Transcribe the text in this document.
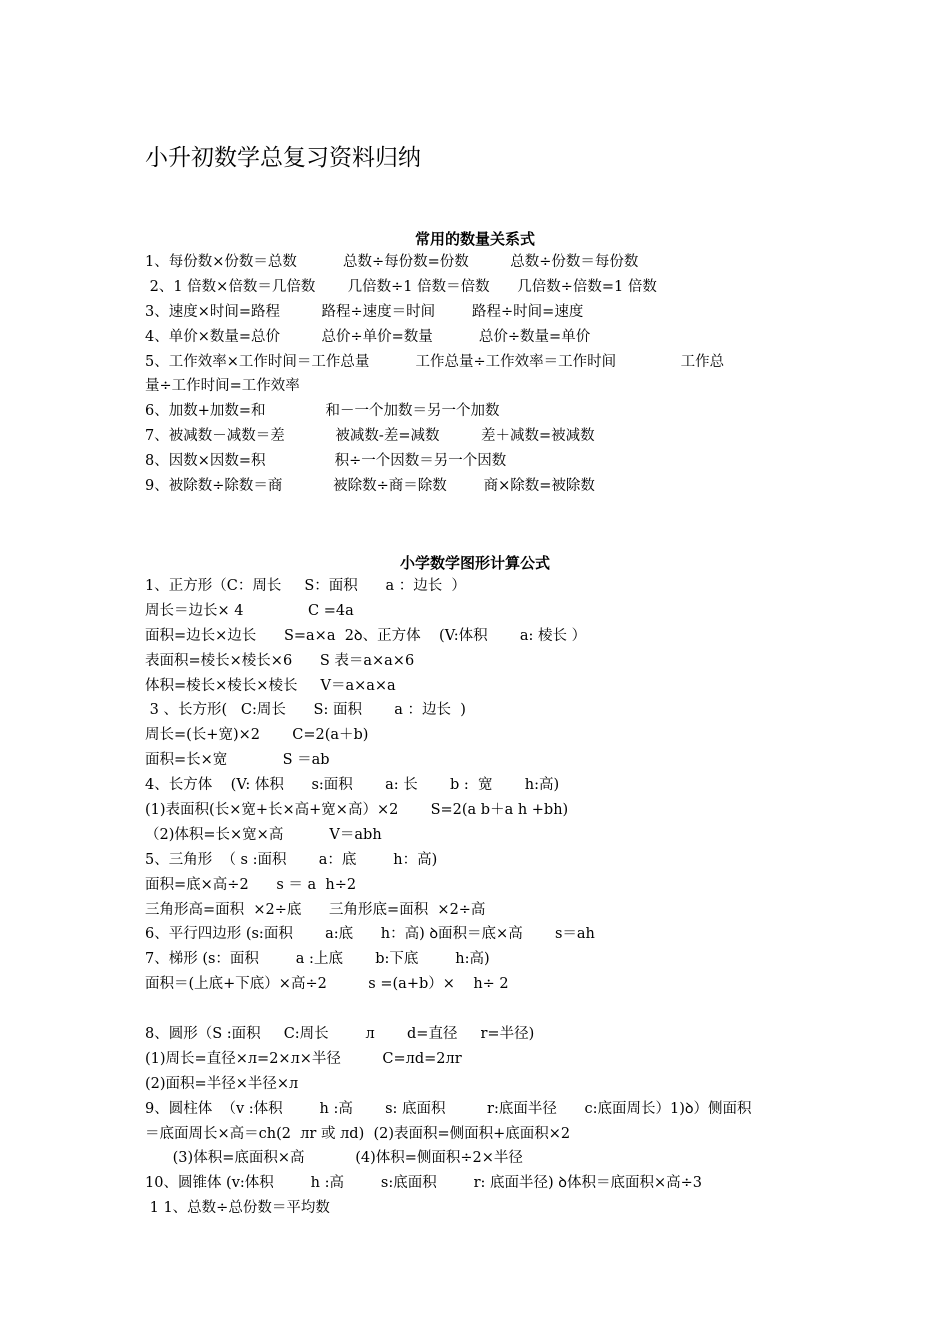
小升初数学总复习资料归纳
常用的数量关系式
1、每份数×份数＝总数          总数÷每份数=份数         总数÷份数＝每份数
2、1 倍数×倍数＝几倍数       几倍数÷1 倍数＝倍数      几倍数÷倍数=1 倍数
3、速度×时间=路程         路程÷速度＝时间        路程÷时间=速度
4、单价×数量=总价         总价÷单价=数量          总价÷数量=单价
5、工作效率×工作时间＝工作总量          工作总量÷工作效率＝工作时间              工作总
量÷工作时间=工作效率
6、加数+加数=和             和－一个加数＝另一个加数
7、被减数－减数＝差           被减数-差=减数         差＋减数=被减数
8、因数×因数=积               积÷一个因数＝另一个因数
9、被除数÷除数＝商           被除数÷商＝除数        商×除数=被除数
小学数学图形计算公式
1、正方形（C：周长     S：面积      a ：边长  ）
周长＝边长× 4              C =4a
面积=边长×边长      S=a×a  2ꝺ、正方体    (V:体积       a: 棱长 ）
表面积=棱长×棱长×6      S 表＝a×a×6
体积=棱长×棱长×棱长     V＝a×a×a
3 、长方形(   C:周长      S: 面积       a ：边长  )
周长=(长+宽)×2       C=2(a＋b)
面积=长×宽            S ＝ab
4、长方体    (V: 体积      s:面积       a: 长       b :  宽       h:高)
(1)表面积(长×宽+长×高+宽×高）×2       S=2(a b＋a h +bh)
（2)体积=长×宽×高          V＝abh
5、三角形  （ s :面积       a：底        h：高)
面积=底×高÷2      s ＝ a  h÷2
三角形高=面积  ×2÷底      三角形底=面积  ×2÷高
6、平行四边形 (s:面积       a:底      h：高) ꝺ面积＝底×高       s＝ah
7、梯形 (s：面积        a :上底       b:下底        h:高)
面积＝(上底+下底）×高÷2         s =(a+b）×    h÷ 2
8、圆形（S :面积     C:周长        л       d=直径     r=半径)
(1)周长=直径×л=2×л×半径         C=лd=2лr
(2)面积=半径×半径×л
9、圆柱体  （v :体积        h :高       s: 底面积         r:底面半径      c:底面周长）1)ꝺ）侧面积
＝底面周长×高＝ch(2  лr 或 лd)  (2)表面积=侧面积+底面积×2
(3)体积=底面积×高           (4)体积=侧面积÷2×半径
10、圆锥体 (v:体积        h :高        s:底面积        r: 底面半径) ꝺ体积＝底面积×高÷3
1 1、总数÷总份数＝平均数
